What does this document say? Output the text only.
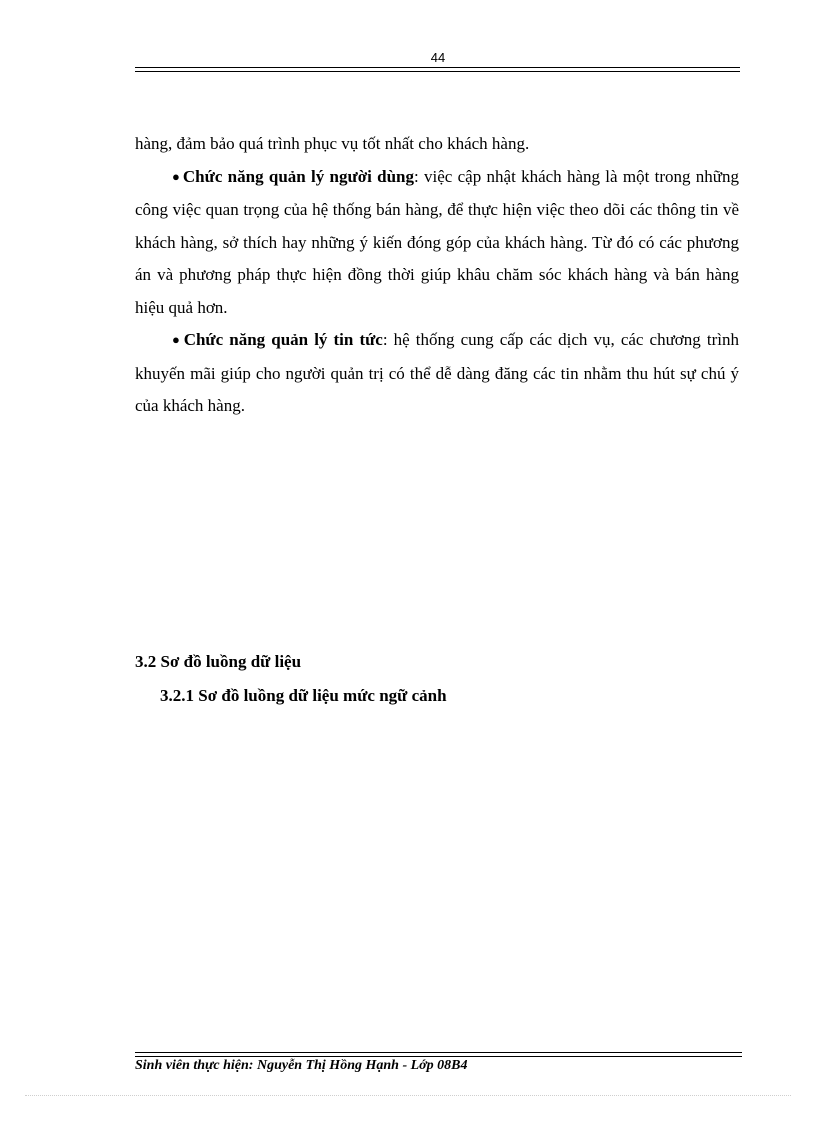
44

hàng, đảm bảo quá trình phục vụ tốt nhất cho khách hàng.

● Chức năng quản lý người dùng: việc cập nhật khách hàng là một trong những công việc quan trọng của hệ thống bán hàng, để thực hiện việc theo dõi các thông tin về khách hàng, sở thích hay những ý kiến đóng góp của khách hàng. Từ đó có các phương án và phương pháp thực hiện đồng thời giúp khâu chăm sóc khách hàng và bán hàng hiệu quả hơn.

● Chức năng quản lý tin tức: hệ thống cung cấp các dịch vụ, các chương trình khuyến mãi giúp cho người quản trị có thể dễ dàng đăng các tin nhằm thu hút sự chú ý của khách hàng.

3.2 Sơ đồ luồng dữ liệu
3.2.1 Sơ đồ luồng dữ liệu mức ngữ cảnh
Sinh viên thực hiện: Nguyễn Thị Hồng Hạnh - Lớp 08B4
